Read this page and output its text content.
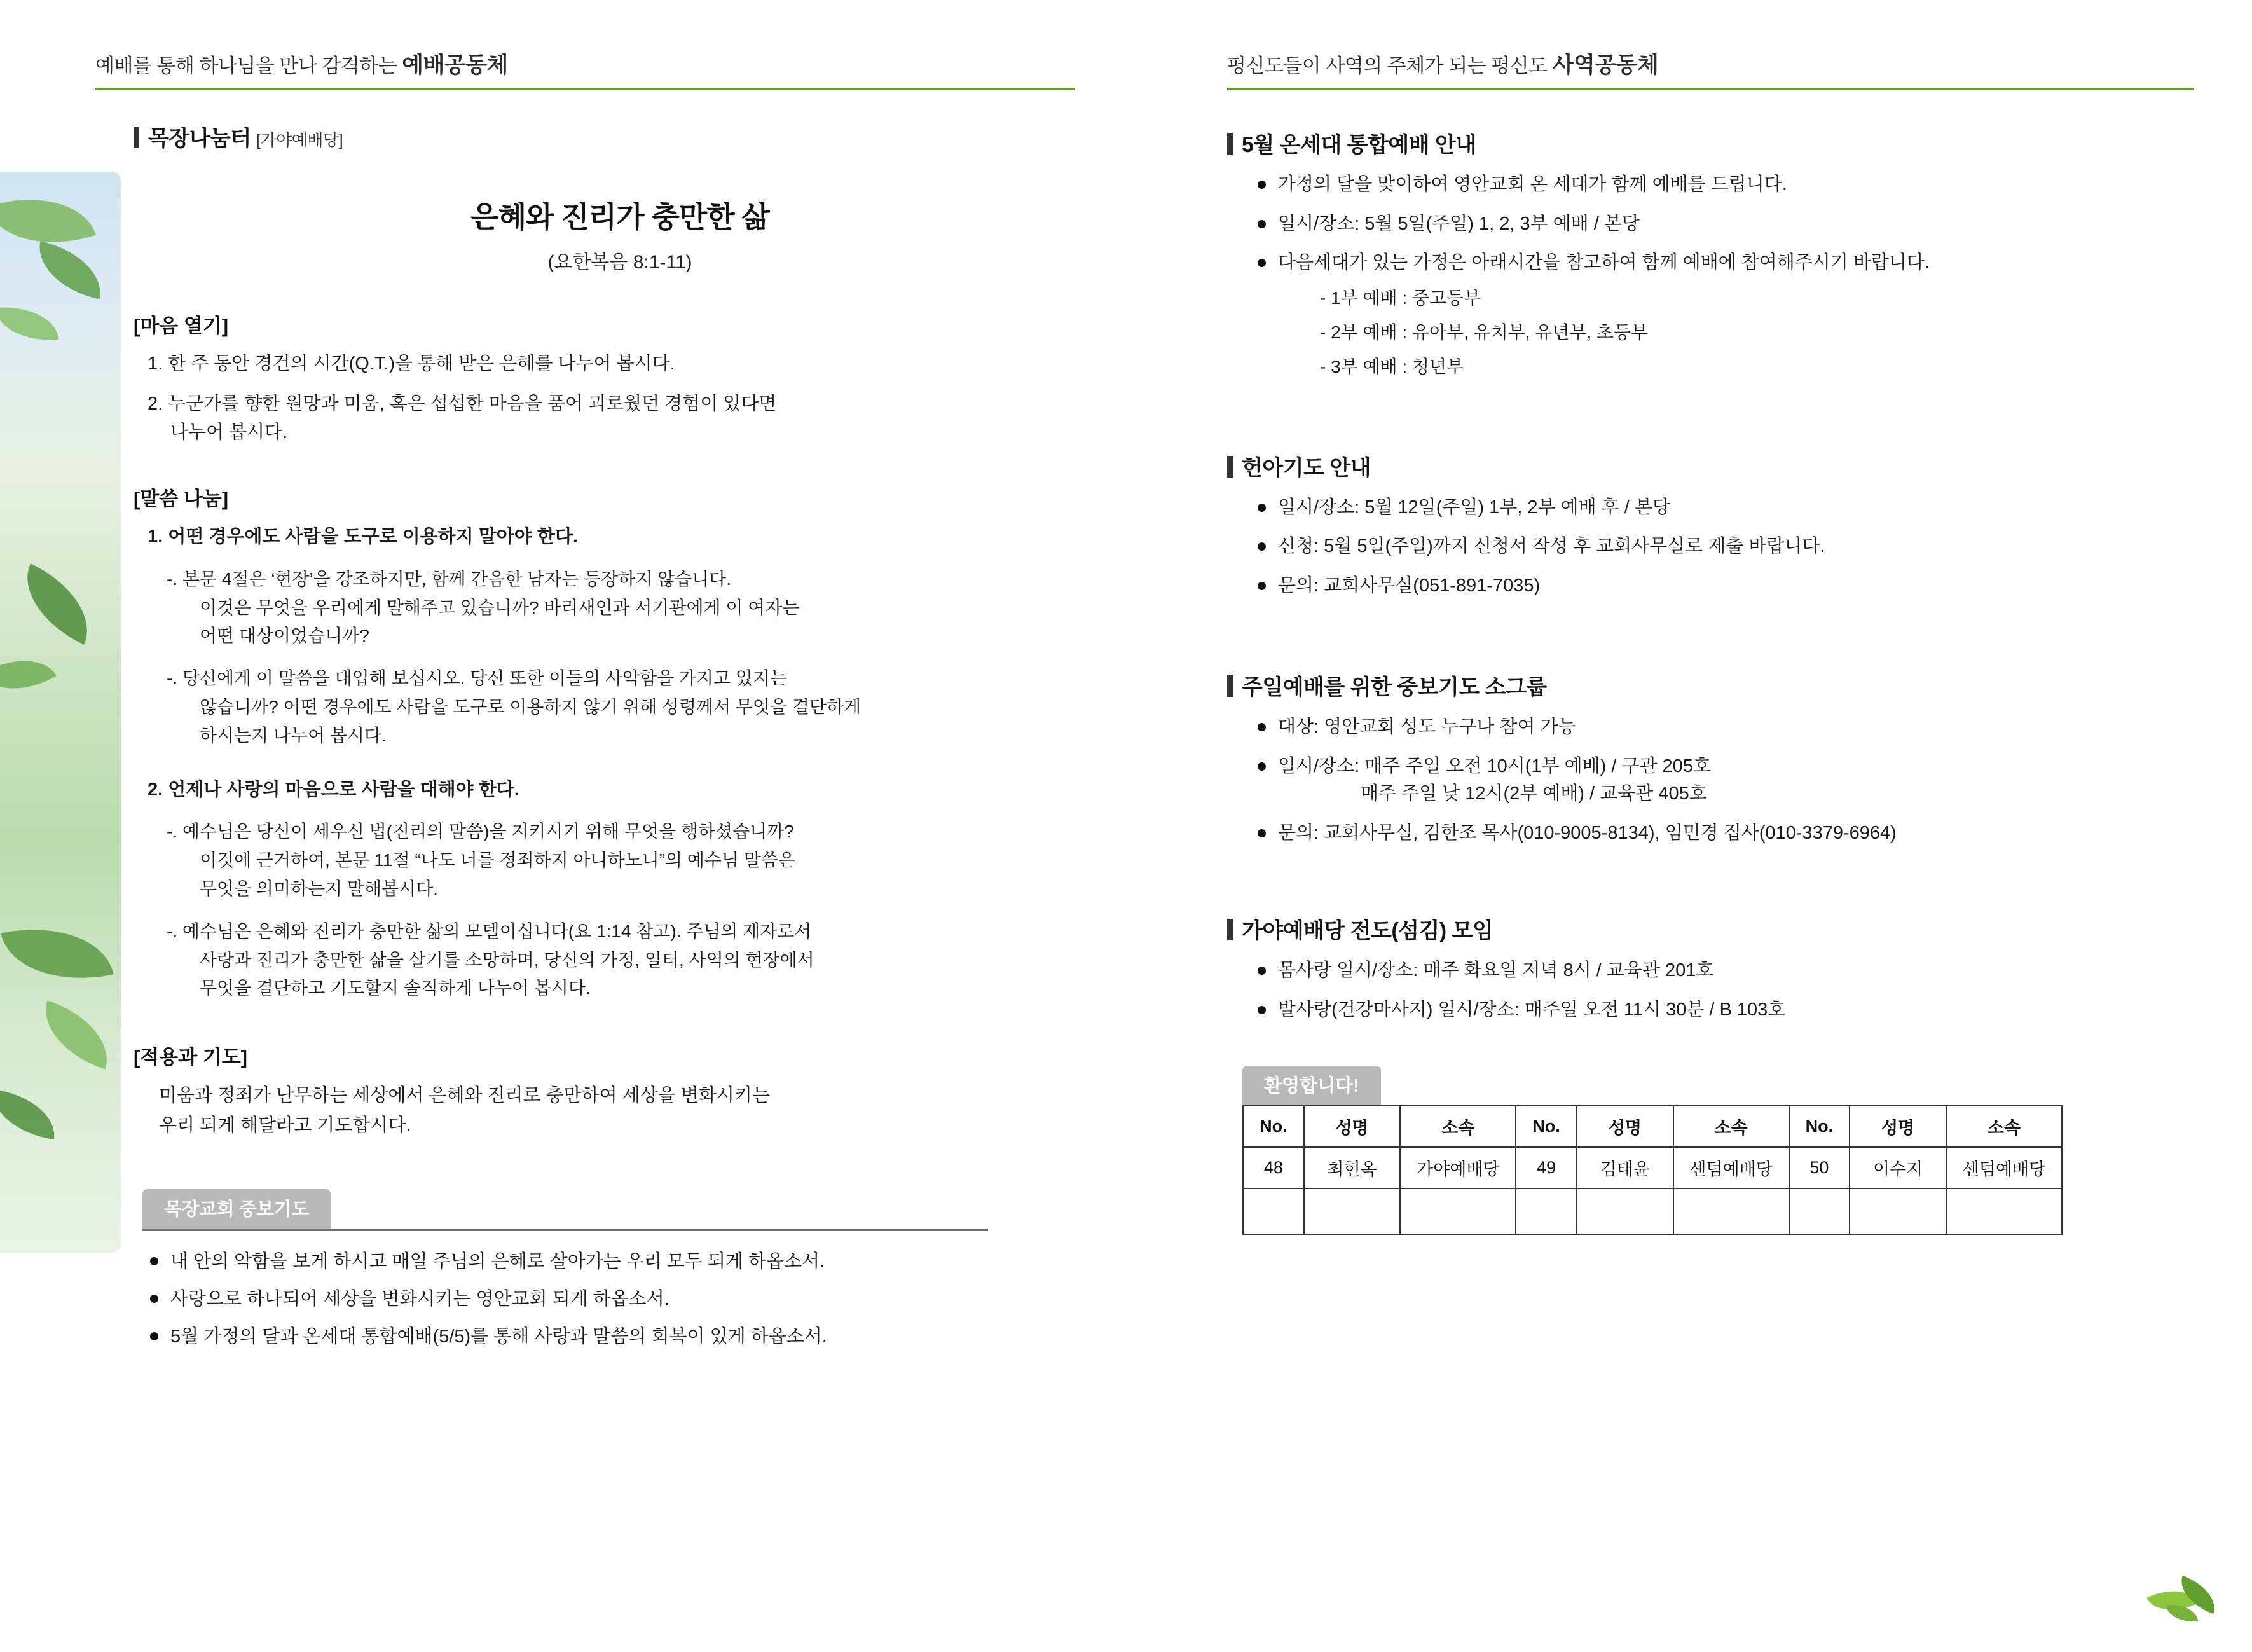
예배를 통해 하나님을 만나 감격하는 예배공동체
목장나눔터 [가야예배당]
은혜와 진리가 충만한 삶
(요한복음 8:1-11)
[마음 열기]
1. 한 주 동안 경건의 시간(Q.T.)을 통해 받은 은혜를 나누어 봅시다.
2. 누군가를 향한 원망과 미움, 혹은 섭섭한 마음을 품어 괴로웠던 경험이 있다면
나누어 봅시다.
[말씀 나눔]
1. 어떤 경우에도 사람을 도구로 이용하지 말아야 한다.
-. 본문 4절은 ‘현장’을 강조하지만, 함께 간음한 남자는 등장하지 않습니다.
이것은 무엇을 우리에게 말해주고 있습니까? 바리새인과 서기관에게 이 여자는
어떤 대상이었습니까?
-. 당신에게 이 말씀을 대입해 보십시오. 당신 또한 이들의 사악함을 가지고 있지는
않습니까? 어떤 경우에도 사람을 도구로 이용하지 않기 위해 성령께서 무엇을 결단하게
하시는지 나누어 봅시다.
2. 언제나 사랑의 마음으로 사람을 대해야 한다.
-. 예수님은 당신이 세우신 법(진리의 말씀)을 지키시기 위해 무엇을 행하셨습니까?
이것에 근거하여, 본문 11절 “나도 너를 정죄하지 아니하노니”의 예수님 말씀은
무엇을 의미하는지 말해봅시다.
-. 예수님은 은혜와 진리가 충만한 삶의 모델이십니다(요 1:14 참고). 주님의 제자로서
사랑과 진리가 충만한 삶을 살기를 소망하며, 당신의 가정, 일터, 사역의 현장에서
무엇을 결단하고 기도할지 솔직하게 나누어 봅시다.
[적용과 기도]
미움과 정죄가 난무하는 세상에서 은혜와 진리로 충만하여 세상을 변화시키는
우리 되게 해달라고 기도합시다.
목장교회 중보기도
내 안의 악함을 보게 하시고 매일 주님의 은혜로 살아가는 우리 모두 되게 하옵소서.
사랑으로 하나되어 세상을 변화시키는 영안교회 되게 하옵소서.
5월 가정의 달과 온세대 통합예배(5/5)를 통해 사랑과 말씀의 회복이 있게 하옵소서.
평신도들이 사역의 주체가 되는 평신도 사역공동체
5월 온세대 통합예배 안내
가정의 달을 맞이하여 영안교회 온 세대가 함께 예배를 드립니다.
일시/장소: 5월 5일(주일) 1, 2, 3부 예배 / 본당
다음세대가 있는 가정은 아래시간을 참고하여 함께 예배에 참여해주시기 바랍니다.
- 1부 예배 : 중고등부
- 2부 예배 : 유아부, 유치부, 유년부, 초등부
- 3부 예배 : 청년부
헌아기도 안내
일시/장소: 5월 12일(주일) 1부, 2부 예배 후 / 본당
신청: 5월 5일(주일)까지 신청서 작성 후 교회사무실로 제출 바랍니다.
문의: 교회사무실(051-891-7035)
주일예배를 위한 중보기도 소그룹
대상: 영안교회 성도 누구나 참여 가능
일시/장소: 매주 주일 오전 10시(1부 예배) / 구관 205호
매주 주일 낮 12시(2부 예배) / 교육관 405호
문의: 교회사무실, 김한조 목사(010-9005-8134), 임민경 집사(010-3379-6964)
가야예배당 전도(섬김) 모임
몸사랑 일시/장소: 매주 화요일 저녁 8시 / 교육관 201호
발사랑(건강마사지) 일시/장소: 매주일 오전 11시 30분 / B 103호
환영합니다!
No.	성명	소속	No.	성명	소속	No.	성명	소속
48	최현옥	가야예배당	49	김태윤	센텀예배당	50	이수지	센텀예배당
